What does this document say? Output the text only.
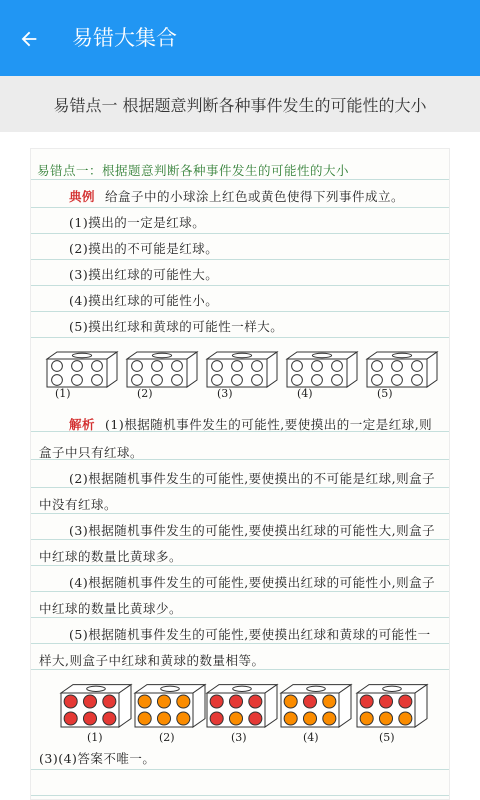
易错大集合
易错点一 根据题意判断各种事件发生的可能性的大小
易错点一：根据题意判断各种事件发生的可能性的大小
典例 给盒子中的小球涂上红色或黄色使得下列事件成立。
(1)摸出的一定是红球。
(2)摸出的不可能是红球。
(3)摸出红球的可能性大。
(4)摸出红球的可能性小。
(5)摸出红球和黄球的可能性一样大。
(1)	(2)	(3)	(4)	(5)
解析 (1)根据随机事件发生的可能性,要使摸出的一定是红球,则
盒子中只有红球。
(2)根据随机事件发生的可能性,要使摸出的不可能是红球,则盒子
中没有红球。
(3)根据随机事件发生的可能性,要使摸出红球的可能性大,则盒子
中红球的数量比黄球多。
(4)根据随机事件发生的可能性,要使摸出红球的可能性小,则盒子
中红球的数量比黄球少。
(5)根据随机事件发生的可能性,要使摸出红球和黄球的可能性一
样大,则盒子中红球和黄球的数量相等。
(1)	(2)	(3)	(4)	(5)
(3)(4)答案不唯一。
